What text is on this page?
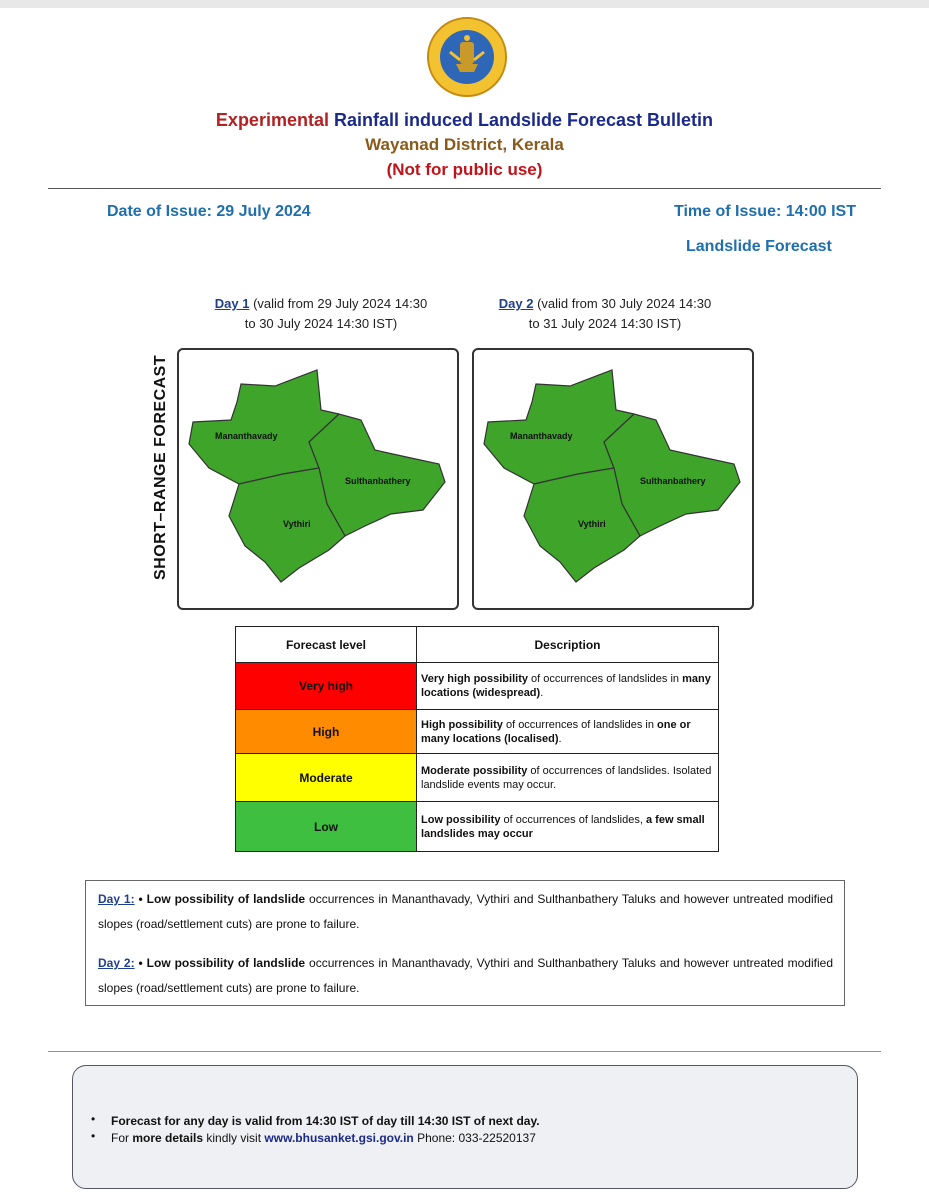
Experimental Rainfall induced Landslide Forecast Bulletin
Wayanad District, Kerala
(Not for public use)
Date of Issue: 29 July 2024	Time of Issue: 14:00 IST
Landslide Forecast
Day 1 (valid from 29 July 2024 14:30
to 30 July 2024 14:30 IST)
Day 2 (valid from 30 July 2024 14:30
to 31 July 2024 14:30 IST)
SHORT–RANGE FORECAST	Mananthavady
Sulthanbathery
Vythiri
Mananthavady
Sulthanbathery
Vythiri
Forecast level	Description
Very high	Very high possibility of occurrences of landslides in many locations (widespread).
High	High possibility of occurrences of landslides in one or many locations (localised).
Moderate	Moderate possibility of occurrences of landslides. Isolated landslide events may occur.
Low	Low possibility of occurrences of landslides, a few small landslides may occur
Day 1: • Low possibility of landslide occurrences in Mananthavady, Vythiri and Sulthanbathery Taluks and however untreated modified slopes (road/settlement cuts) are prone to failure.
Day 2: • Low possibility of landslide occurrences in Mananthavady, Vythiri and Sulthanbathery Taluks and however untreated modified slopes (road/settlement cuts) are prone to failure.
• Forecast for any day is valid from 14:30 IST of day till 14:30 IST of next day.
• For more details kindly visit www.bhusanket.gsi.gov.in Phone: 033-22520137
